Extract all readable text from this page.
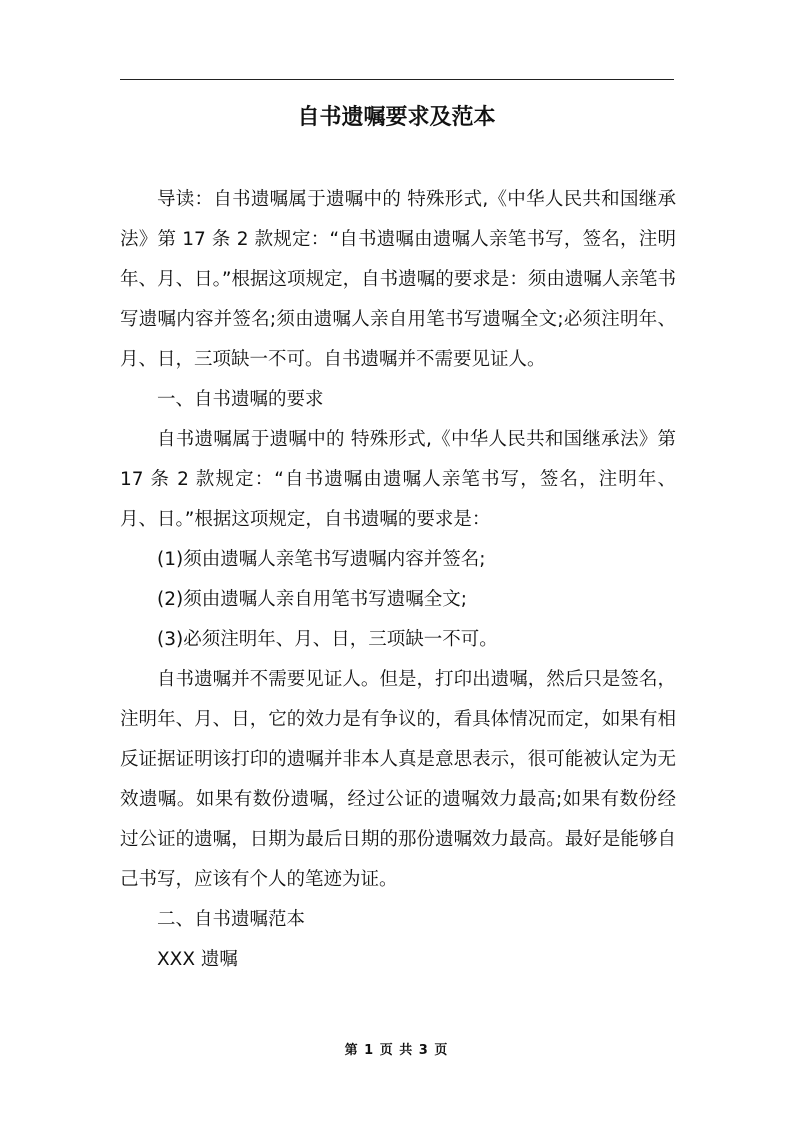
自书遗嘱要求及范本

导读：自书遗嘱属于遗嘱中的 特殊形式,《中华人民共和国继承法》第 17 条 2 款规定：“自书遗嘱由遗嘱人亲笔书写，签名，注明年、月、日。”根据这项规定，自书遗嘱的要求是：须由遗嘱人亲笔书写遗嘱内容并签名;须由遗嘱人亲自用笔书写遗嘱全文;必须注明年、月、日，三项缺一不可。自书遗嘱并不需要见证人。

一、自书遗嘱的要求

自书遗嘱属于遗嘱中的 特殊形式,《中华人民共和国继承法》第 17 条 2 款规定：“自书遗嘱由遗嘱人亲笔书写，签名，注明年、月、日。”根据这项规定，自书遗嘱的要求是：

(1)须由遗嘱人亲笔书写遗嘱内容并签名;

(2)须由遗嘱人亲自用笔书写遗嘱全文;

(3)必须注明年、月、日，三项缺一不可。

自书遗嘱并不需要见证人。但是，打印出遗嘱，然后只是签名，注明年、月、日，它的效力是有争议的，看具体情况而定，如果有相反证据证明该打印的遗嘱并非本人真是意思表示，很可能被认定为无效遗嘱。如果有数份遗嘱，经过公证的遗嘱效力最高;如果有数份经过公证的遗嘱，日期为最后日期的那份遗嘱效力最高。最好是能够自己书写，应该有个人的笔迹为证。

二、自书遗嘱范本

XXX 遗嘱

第 1 页 共 3 页
